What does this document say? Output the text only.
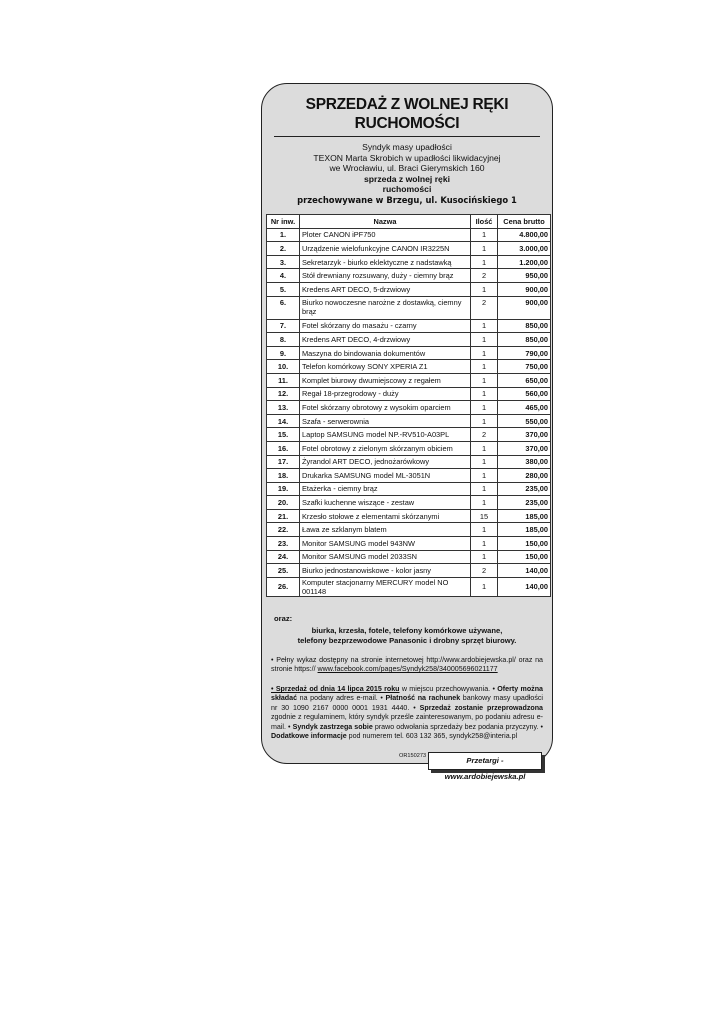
SPRZEDAŻ Z WOLNEJ RĘKI
RUCHOMOŚCI
Syndyk masy upadłości
TEXON Marta Skrobich w upadłości likwidacyjnej
we Wrocławiu, ul. Braci Gierymskich 160
sprzeda z wolnej ręki
ruchomości
przechowywane w Brzegu, ul. Kusocińskiego 1
Nr inw.	Nazwa	Ilość	Cena brutto
1.	Ploter CANON iPF750	1	4.800,00
2.	Urządzenie wielofunkcyjne CANON IR3225N	1	3.000,00
3.	Sekretarzyk - biurko eklektyczne z nadstawką	1	1.200,00
4.	Stół drewniany rozsuwany, duży - ciemny brąz	2	950,00
5.	Kredens ART DECO, 5-drzwiowy	1	900,00
6.	Biurko nowoczesne narożne z dostawką, ciemny brąz	2	900,00
7.	Fotel skórzany do masażu - czarny	1	850,00
8.	Kredens ART DECO, 4-drzwiowy	1	850,00
9.	Maszyna do bindowania dokumentów	1	790,00
10.	Telefon komórkowy SONY XPERIA Z1	1	750,00
11.	Komplet biurowy dwumiejscowy z regałem	1	650,00
12.	Regał 18-przegrodowy - duży	1	560,00
13.	Fotel skórzany obrotowy z wysokim oparciem	1	465,00
14.	Szafa - serwerownia	1	550,00
15.	Laptop SAMSUNG model NP.-RV510-A03PL	2	370,00
16.	Fotel obrotowy z zielonym skórzanym obiciem	1	370,00
17.	Żyrandol ART DECO, jednożarówkowy	1	380,00
18.	Drukarka SAMSUNG model ML-3051N	1	280,00
19.	Etażerka - ciemny brąz	1	235,00
20.	Szafki kuchenne wiszące - zestaw	1	235,00
21.	Krzesło stołowe z elementami skórzanymi	15	185,00
22.	Ława ze szklanym blatem	1	185,00
23.	Monitor SAMSUNG model 943NW	1	150,00
24.	Monitor SAMSUNG model 2033SN	1	150,00
25.	Biurko jednostanowiskowe - kolor jasny	2	140,00
26.	Komputer stacjonarny MERCURY model NO 001148	1	140,00
oraz:
biurka, krzesła, fotele, telefony komórkowe używane,
telefony bezprzewodowe Panasonic i drobny sprzęt biurowy.
• Pełny wykaz dostępny na stronie internetowej http://www.ardobiejewska.pl/ oraz na stronie https:// www.facebook.com/pages/Syndyk258/340005696021177
• Sprzedaż od dnia 14 lipca 2015 roku w miejscu przechowywania. • Oferty można składać na podany adres e-mail. • Płatność na rachunek bankowy masy upadłości nr 30 1090 2167 0000 0001 1931 4440. • Sprzedaż zostanie przeprowadzona zgodnie z regulaminem, który syndyk prześle zainteresowanym, po podaniu adresu e-mail. • Syndyk zastrzega sobie prawo odwołania sprzedaży bez podania przyczyny. • Dodatkowe informacje pod numerem tel. 603 132 365, syndyk258@interia.pl
OR150273	Przetargi - www.ardobiejewska.pl
